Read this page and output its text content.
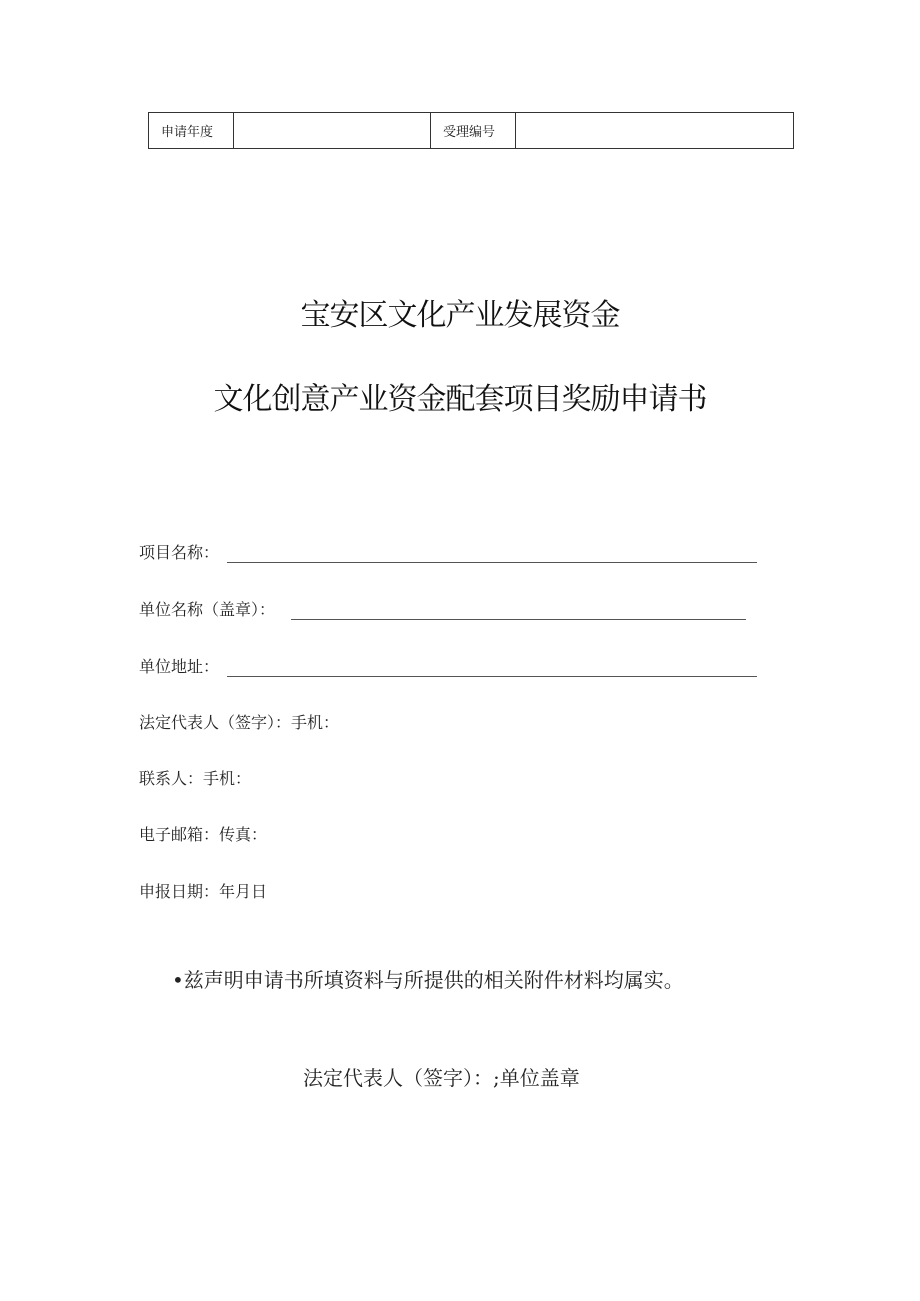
申请年度		受理编号	
宝安区文化产业发展资金
文化创意产业资金配套项目奖励申请书
项目名称：
单位名称（盖章）：
单位地址：
法定代表人（签字）：手机：
联系人：手机：
电子邮箱：传真：
申报日期：年月日
•兹声明申请书所填资料与所提供的相关附件材料均属实。
法定代表人（签字）：;单位盖章
